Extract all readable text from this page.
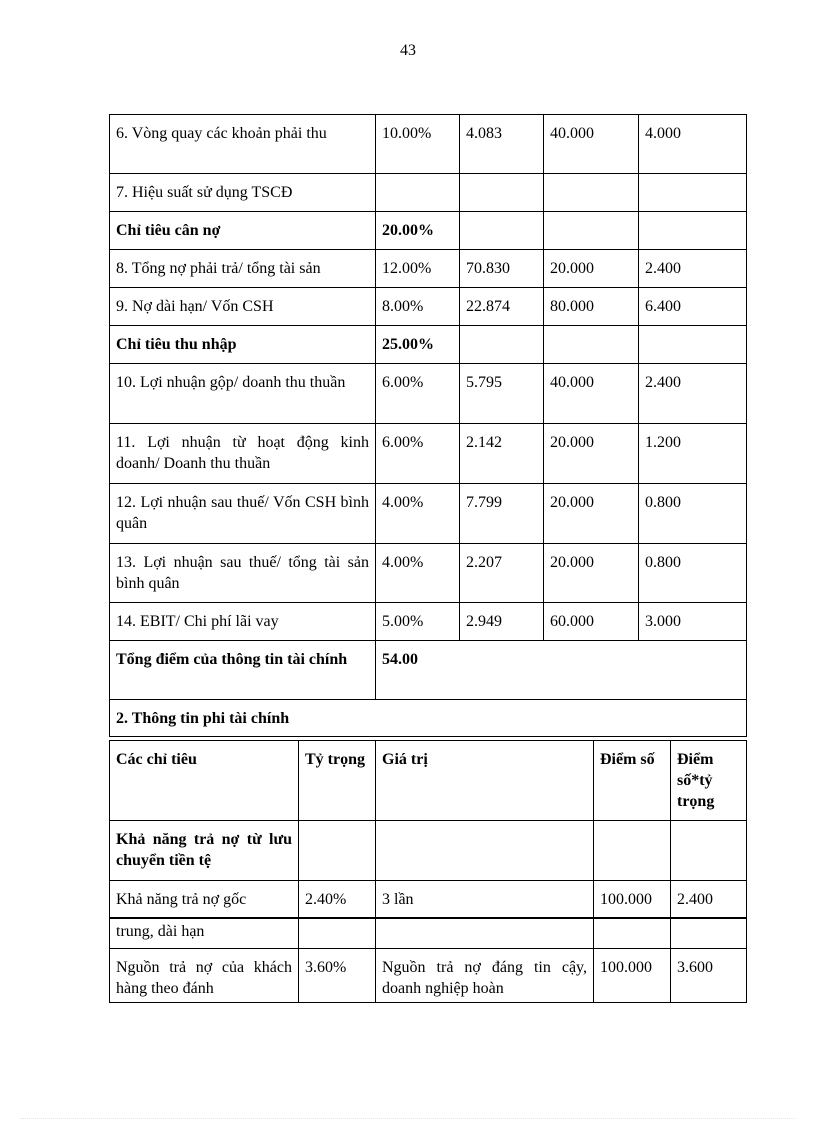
43
6. Vòng quay các khoản phải thu	10.00%	4.083	40.000	4.000
7. Hiệu suất sử dụng TSCĐ				
Chỉ tiêu cân nợ	20.00%			
8. Tổng nợ phải trả/ tổng tài sản	12.00%	70.830	20.000	2.400
9. Nợ dài hạn/ Vốn CSH	8.00%	22.874	80.000	6.400
Chỉ tiêu thu nhập	25.00%			
10. Lợi nhuận gộp/ doanh thu thuần	6.00%	5.795	40.000	2.400
11. Lợi nhuận từ hoạt động kinh doanh/ Doanh thu thuần	6.00%	2.142	20.000	1.200
12. Lợi nhuận sau thuế/ Vốn CSH bình quân	4.00%	7.799	20.000	0.800
13. Lợi nhuận sau thuế/ tổng tài sản bình quân	4.00%	2.207	20.000	0.800
14. EBIT/ Chi phí lãi vay	5.00%	2.949	60.000	3.000
Tổng điểm của thông tin tài chính	54.00			
2. Thông tin phi tài chính				
Các chỉ tiêu	Tỷ trọng	Giá trị	Điểm số	Điểm số*tỷ trọng
Khả năng trả nợ từ lưu chuyển tiền tệ				
Khả năng trả nợ gốc	2.40%	3 lần	100.000	2.400
trung, dài hạn				
Nguồn trả nợ của khách hàng theo đánh	3.60%	Nguồn trả nợ đáng tin cậy, doanh nghiệp hoàn	100.000	3.600
